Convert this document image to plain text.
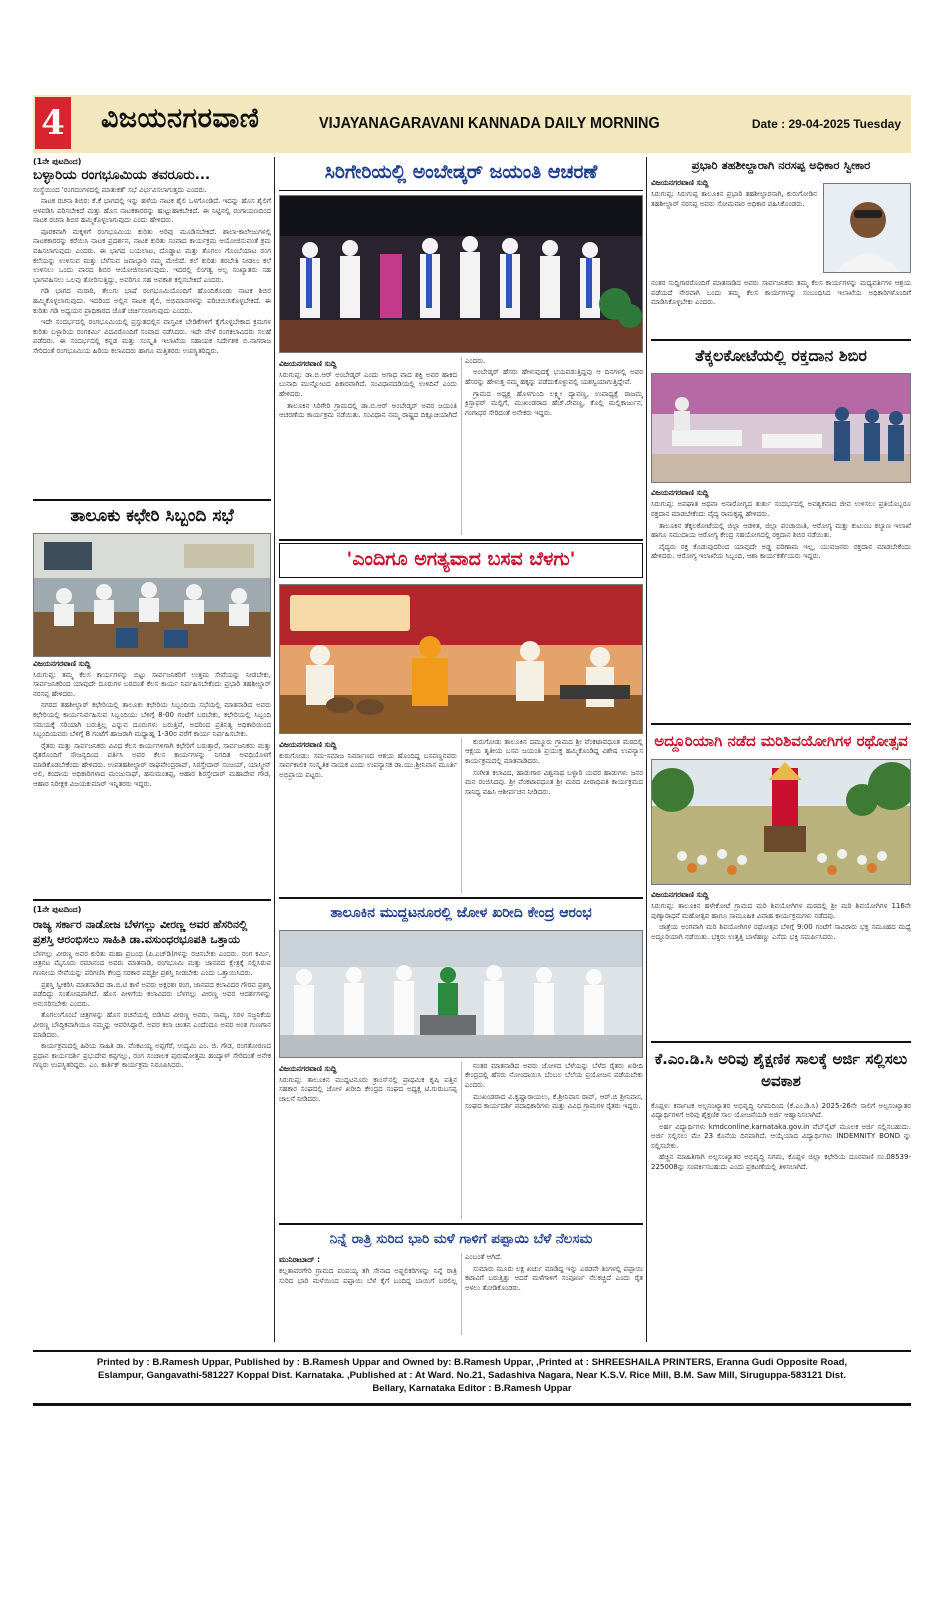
4 ವಿಜಯನಗರವಾಣಿ	VIJAYANAGARAVANI KANNADA DAILY MORNING	Date : 29-04-2025 Tuesday
(1ನೇ ಪುಟದಿಂದ)
ಬಳ್ಳಾರಿಯ ರಂಗಭೂಮಿಯ ತವರೂರು...

ಸಂಸ್ಥೆಯಿಂದ 'ರಂಗದಂಗಳದಲ್ಲಿ ಮಾತುಕತೆ' ಸಭೆ ವಿರ್ಭವಿಸಲಾಗುತ್ತದು ಎಂದರು.

ನಾಟಕ ರಚನಾ ಶಿಬಿರ: ಕೆ.ಕೆ ಭಾಗದಲ್ಲಿ ಇನ್ನು ಹಳೆಯ ನಾಟಕ ಶೈಲಿ ಒಳಗೊಂಡಿದೆ. ಇದನ್ನು ಹೊಸ ಶೈಲಿಗೆ ಅಳವಡಿಸಿ ಪರಿಸಬೇಕಿದೆ ಮತ್ತು ಹೊಸ ನಾಟಕಕಾರರನ್ನು ಹುಟ್ಟುಹಾಕಬೇಕಿದೆ. ಈ ನಿಟ್ಟಿನಲ್ಲಿ ರಂಗಾಯಣದಿಂದ ನಾಟಕ ರಚನಾ ಶಿಬಿರ ಹಮ್ಮಿಕೊಳ್ಳಲಾಗುವುದು ಎಂದು ಹೇಳಿದರು.

ಪೂರಕವಾಗಿ ಮಕ್ಕಳಿಗೆ ರಂಗಭೂಮಿಯ ಕುರಿತು ಅರಿವು ಮೂಡಿಸಬೇಕಿದೆ. ಶಾಲಾ-ಕಾಲೇಜುಗಳಲ್ಲಿ ನಾಟಕಕಾರರನ್ನು ಕರೆಯಿಸಿ ನಾಟಕ ಪ್ರದರ್ಶನ, ನಾಟಕ ಕುರಿತು ಸಂವಾದ ಕಾರ್ಯಕ್ರಮ ಆಯೋಜಿಸುವಂತೆ ಕ್ರಮ ವಹಿಸಲಾಗುವುದು ಎಂದರು. ಈ ಭಾಗದ ಬಯಲಾಟ, ದೊಡ್ಡಾಟ ಮತ್ತು ತೊಗಲು ಗೊಂಬೆಯಾಟ ರಂಗ ಕಲೆಯನ್ನು ಉಳಿಸುವ ಮತ್ತು ಬೆಳೆಸುವ ಜವಾಬ್ದಾರಿ ನಮ್ಮ ಮೇಲಿದೆ. ಕಲೆ ಕುರಿತು ತರಬೇತಿ ನೀಡಲು ಕಲೆ ಉಳಿಸಲು ಒಂದು ವಾರದ ಶಿಬಿರ ಆಯೋಜಿಸಲಾಗುವುದು. ಇದರಲ್ಲಿ ಲಿಂಗತ್ವ ಅಲ್ಪ ಸಂಖ್ಯಾತರು ಸಹ ಭಾಗವಹಿಸಲು ಒಲವು ತೋರಿಸುತ್ತಿದ್ದು, ಅವರಿಗೂ ಸಹ ಅವಕಾಶ ಕಲ್ಪಿಸಬೇಕಿದೆ ಎಂದರು.

ಗಡಿ ಭಾಗದ ಮರಾಠಿ, ತೆಲುಗು ಭಾಷೆ ರಂಗಭೂಮಿಯೊಂದಿಗೆ ಹೊಂದಿಕೊಂಡು ನಾಟಕ ಶಿಬಿರ ಹಮ್ಮಿಕೊಳ್ಳಲಾಗುವುದು. ಇದರಿಂದ ಅಲ್ಲಿನ ನಾಟಕ ಶೈಲಿ, ಅಭಿಮಾನಗಳನ್ನು ಪರಿಚಯಿಸಿಕೊಳ್ಳಬೇಕಿದೆ. ಈ ಕುರಿತು ಗಡಿ ಅಧ್ಯಯನ ಪ್ರಾಧಿಕಾರದ ಜೊತೆ ಚರ್ಚಿಸಲಾಗುವುದು ಎಂದರು.

ಇದೇ ಸಂದರ್ಭದಲ್ಲಿ ರಂಗಭೂಮಿಯಲ್ಲಿ ಪ್ರಸ್ತುತದಲ್ಲಿನ ವಾಸ್ತವಿಕ ಬೇಡಿಕೆಗಳಿಗೆ ಕೈಗೊಳ್ಳಬೇಕಾದ ಕ್ರಮಗಳ ಕುರಿತು ಬಳ್ಳಾರಿಯ ರಂಗಕರ್ಮಿ ವಿದವಿರೊಂದಿಗೆ ಸಂವಾದ ನಡೆಸಿದರು. ಇದೇ ವೇಳೆ ರಂಗಕಲಾವಿದರು ಸಲಹೆ ಪಡೆದರು. ಈ ಸಂದರ್ಭದಲ್ಲಿ ಕನ್ನಡ ಮತ್ತು ಸಂಸ್ಕೃತಿ ಇಲಾಖೆಯ ಸಹಾಯಕ ನಿರ್ದೇಶಕ ಬಿ.ನಾಗರಾಜ ಸೇರಿದಂತೆ ರಂಗಭೂಮಿಯ ಹಿರಿಯ ಕಲಾವಿದರು ಹಾಗೂ ಮತ್ತಿತರರು ಉಪಸ್ಥಿತರಿದ್ದರು.

ತಾಲೂಕು ಕಛೇರಿ ಸಿಬ್ಬಂದಿ ಸಭೆ
ವಿಜಯನಗರವಾಣಿ ಸುದ್ದಿ

ಸಿರುಗುಪ್ಪ: ತಮ್ಮ ಕೆಲಸ ಕಾರ್ಯಗಳನ್ನು ಬಿಟ್ಟು ಸಾರ್ವಜನಿಕರಿಗೆ ಉತ್ತಮ ಸೇವೆಯನ್ನು ನೀಡಬೇಕು, ಸಾರ್ವಜನಿಕರಿಂದ ಯಾವುದೇ ದೂರುಗಳ ಬರದಂತೆ ಕೆಲಸ ಕಾರ್ಯ ನಿರ್ವಹಿಸಬೇಕೆಂದು ಪ್ರಭಾರಿ ತಹಶೀಲ್ದಾರ್ ನರಸಪ್ಪ ಹೇಳಿದರು.

ನಗರದ ತಹಶೀಲ್ದಾರ್ ಕಛೇರಿಯಲ್ಲಿ ತಾಲೂಕು ಕಛೇರಿಯ ಸಿಬ್ಬಂದಿಯ ಸಭೆಯಲ್ಲಿ ಮಾತನಾಡಿದ ಅವರು ಕಛೇರಿಯಲ್ಲಿ ಕಾರ್ಯನಿರ್ವಹಿಸುವ ಸಿಬ್ಬಂದಿಯು ಬೆಳಿಗ್ಗೆ 8-00 ಗಂಟೆಗೆ ಬರಬೇಕು, ಕಛೇರಿಯಲ್ಲಿ ಸಿಬ್ಬಂದಿ ಸಮಯಕ್ಕೆ ಸರಿಯಾಗಿ ಬರುತ್ತಿಲ್ಲ ಎನ್ನುವ ದೂರುಗಳು ಬರುತ್ತಿವೆ, ಅದರಿಂದ ಪ್ರತಿನಿತ್ಯ ಅಧಿಕಾರಿಯಿಂದ ಸಿಬ್ಬಂದಿಯವರು ಬೆಳಿಗ್ಗೆ 8 ಗಂಟೆಗೆ ಹಾಜರಾಗಿ ಮಧ್ಯಾಹ್ನ 1-30ರ ವರೆಗೆ ಕಾರ್ಯ ನಿರ್ವಹಿಸಬೇಕು.

ರೈತರು ಮತ್ತು ಸಾರ್ವಜನಿಕರು ವಿವಿಧ ಕೆಲಸ ಕಾರ್ಯಗಳಿಗಾಗಿ ಕಛೇರಿಗೆ ಬರುತ್ತಾರೆ, ಸಾರ್ವಜನಿಕರು ಮತ್ತು ರೈತರೊಂದಿಗೆ ಸೌಜನ್ಯದಿಂದ ವರ್ತಿಸಿ ಅವರ ಕೆಲಸ ಕಾರ್ಯಗಳನ್ನು ನಿಗದಿತ ಅವಧಿಯೊಳಗೆ ಮಾಡಿಕೊಡಬೇಕೆಂದು ಹೇಳಿದರು. ಉಪತಹಶೀಲ್ದಾರ್ ರಾಘವೇಂದ್ರರಾವ್, ಸಿರಸ್ತೇದಾರ್ ಸಂಜಯ್, ಯಾಸ್ಮೀನ್ ಅಲಿ, ಕಂದಾಯ ಅಧಿಕಾರಿಗಳಾದ ಮಂಜುನಾಥ್, ಹನುಮಂತಪ್ಪ, ಆಹಾರ ಶಿರಸ್ತೇದಾರ್ ಮಹಾದೇವ ಗೌಡ, ಆಹಾರ ನಿರೀಕ್ಷಕ ವಿಜಯಕುಮಾರ್ ಇನ್ನಿತರರು ಇದ್ದರು.

(1ನೇ ಪುಟದಿಂದ)
ರಾಜ್ಯ ಸರ್ಕಾರ ನಾಡೋಜ ಬೆಳಗಲ್ಲು ವೀರಣ್ಣ ಅವರ ಹೆಸರಿನಲ್ಲಿ ಪ್ರಶಸ್ತಿ ಆರಂಭಿಸಲು ಸಾಹಿತಿ ಡಾ.ವಸುಂಧರಭೂಪತಿ ಒತ್ತಾಯ

ಬೆಳಗಲ್ಲು ವೀರಣ್ಣ ಅವರ ಕುರಿತು ಮಹಾ ಪ್ರಬಂಧ (ಪಿ.ಎಚ್‌ಡಿ)ಗಳನ್ನು ರಚಿಸಬೇಕು ಎಂದರು. ರಂಗ ಕರ್ಮಿ, ಚಿತ್ರನಟ ಮೈಸೂರು ರಮಾನಂದ ಅವರು ಮಾತನಾಡಿ, ರಂಗಭೂಮಿ ಮತ್ತು ಜಾನಪದ ಕ್ಷೇತ್ರಕ್ಕೆ ಸಲ್ಲಿಸಿರುವ ಗಣನೀಯ ಸೇವೆಯನ್ನು ಪರಿಗಣಿಸಿ ಕೇಂದ್ರ ಸರಕಾರ ಪದ್ಮಶ್ರೀ ಪ್ರಶಸ್ತಿ ನೀಡಬೇಕು ಎಂದು ಒತ್ತಾಯಿಸಿದರು.

ಪ್ರಶಸ್ತಿ ಸ್ವೀಕರಿಸಿ ಮಾತನಾಡಿದ ಡಾ.ಬಿ.ಟಿ ಕಾಳೆ ಅವರು ಅಕ್ಷರಶಃ ರಂಗ, ಜಾನಪದ ಕಲಾವಿದರ ಗೌರವ ಪ್ರಶಸ್ತಿ ಪಡೆದಿದ್ದು ಸಂತೋಷವಾಗಿದೆ. ಹೊಸ ಪೀಳಿಗೆಯ ಕಲಾವಿದರು ಬೆಳಗಲ್ಲು ವೀರಣ್ಣ ಅವರ ಆದರ್ಶಗಳನ್ನು ಅನುಸರಿಸಬೇಕು ಎಂದರು.

ತೊಗಲುಗೊಂಬೆ ಚಿತ್ರಗಳನ್ನು ಹೊಸ ರಚನೆಯಲ್ಲಿ ಬಿಡಿಸಿದ ವೀರಣ್ಣ ಅವರು, ಸಾಮ್ಯ, ಸರಳ ಸಜ್ಜನಿಕೆಯ ವೀರಣ್ಣ ಬೌದ್ಧಿಕವಾಗಿಯೂ ನಮ್ಮನ್ನು ಆವರಿಸಿದ್ದಾರೆ. ಅವರ ಕಲಾ ಚಿಂತನ ಎಂದೆಂದೂ ಅವರ ಅಂತ ಗುಣಗಾನ ಮಾಡಿದರು.

ಕಾರ್ಯಕ್ರಮದಲ್ಲಿ ಹಿರಿಯ ಸಾಹಿತಿ ಡಾ. ವೆಂಕಟಯ್ಯ ಅಪ್ಪಗೆರೆ, ಉದ್ಯಮಿ ಎಂ. ಜಿ. ಗೌಡ, ರಂಗತೋರಣದ ಪ್ರಧಾನ ಕಾರ್ಯದರ್ಶಿ ಪ್ರಭುದೇವ ಕಪ್ಪಗಲ್ಲು, ರಂಗ ಸಂಚಾಲಕ ಪುರುಷೋತ್ತಮ ಹಂದ್ಯಾಳ್ ಸೇರಿದಂತೆ ಅನೇಕ ಗಣ್ಯರು ಉಪಸ್ಥಿತರಿದ್ದರು. ಎಂ. ಕಾರ್ತಿಕ್ ಕಾರ್ಯಕ್ರಮ ನಿರೂಪಿಸಿದರು.

ಸಿರಿಗೇರಿಯಲ್ಲಿ ಅಂಬೇಡ್ಕರ್ ಜಯಂತಿ ಆಚರಣೆ
ವಿಜಯನಗರವಾಣಿ ಸುದ್ದಿ

ಸಿರುಗುಪ್ಪ: ಡಾ.ಬಿ.ಆರ್ ಅಂಬೇಡ್ಕರ್ ಎಂದು ಅಗಾಧ ವಾದ ಶಕ್ತಿ ಅವರ ಹಾಕಿದ ಬುನಾದಿ ಮುನ್ನೋಟದ ಪಿಕಾರವಾಗಿದೆ. ಸಂವಿಧಾನದಡಿಯಲ್ಲಿ ಉಳಿದಿವೆ ಎಂದು ಹೇಳಿದರು.

ತಾಲೂಕಿನ ಸಿರಿಗೇರಿ ಗ್ರಾಮದಲ್ಲಿ ಡಾ.ಬಿ.ಆರ್ ಅಂಬೇಡ್ಕರ್ ಅವರ ಜಯಂತಿ ಆಚರಣೆಯ ಕಾರ್ಯಕ್ರಮ ನಡೆಯಿತು. ಸಂವಿಧಾನ ನಮ್ಮ ರಾಷ್ಟ್ರದ ದಿಕ್ಸೂಚಿಯಾಗಿದೆ ಎಂದರು.

ಅಂಬೇಡ್ಕರ್ ಹೆಸರು ಹೇಳುವುದಕ್ಕೆ ಭಯಪಡುತ್ತಿದ್ದವು ಆ ದಿನಗಳಲ್ಲಿ ಅವರ ಹೆಸರನ್ನು ಹೇಳುತ್ತ ನಮ್ಮ ಹಕ್ಕನ್ನು ಪಡೆದುಕೊಳ್ಳುವಲ್ಲಿ ಯಶಸ್ವಿಯಾಗುತ್ತಿದ್ದೇವೆ.

ಗ್ರಾಮದ ಅಧ್ಯಕ್ಷ ಹೊಳಗುಂದಿ ಲಕ್ಷ್ಮೀ ದ್ಯಾವಣ್ಣ, ಉಪಾಧ್ಯಕ್ಷೆ ರಾಜಮ್ಮ ಕ್ರಿಸ್ತಾಫರ್ ಮಲ್ಲಿಗೆ, ಮುಖಂಡರಾದ ಹೆಚ್.ರೇವಣ್ಣ, ಕೊಲ್ಲಿ ಮಲ್ಲಿಕಾರ್ಜುನ, ಗಂಗಾಧರ ಸೇರಿದಂತೆ ಅನೇಕರು ಇದ್ದರು.

'ಎಂದಿಗೂ ಅಗತ್ಯವಾದ ಬಸವ ಬೆಳಗು'
ವಿಜಯನಗರವಾಣಿ ಸುದ್ದಿ

ಕುರುಗೋಡು: ಸಮ-ಸಮಾಜ ನಿರ್ಮಾಣದ ಆಶಯ ಹೊಂದಿದ್ದ ಬಸವಣ್ಣನವರು ಸಾರ್ವಕಾಲಿಕ ಸಂಸ್ಕೃತಿಕ ನಾಯಕ ಎಂದು ಉಪನ್ಯಾಸಕ ಡಾ.ಯು.ಶ್ರೀನಿವಾಸ ಮೂರ್ತಿ ಅಭಿಪ್ರಾಯ ಪಟ್ಟರು.

ಕುರುಗೋಡು ತಾಲೂಕಿನ ದಮ್ಮೂರು ಗ್ರಾಮದ ಶ್ರೀ ವೆಂಕಟಾವಧೂತ ಮಠದಲ್ಲಿ ಆಕ್ಷಯ ತೃತೀಯ ಬಸವ ಜಯಂತಿ ಪ್ರಯುಕ್ತ ಹಮ್ಮಿಕೊಂಡಿದ್ದ ವಿಶೇಷ ಉಪನ್ಯಾಸ ಕಾರ್ಯಕ್ರಮದಲ್ಲಿ ಮಾತನಾಡಿದರು.

ಸಂಗೀತ ಕಲಾವಿದ, ಹಾಡುಗಾರ ವಿಶ್ವನಾಥ ಬಳ್ಳಾರಿ ಯವರ ಹಾಡುಗಳು ಜನರ ಮನ ರಂಜಿಸಿದವು. ಶ್ರೀ ವೆಂಕಟಾವಧೂತ ಶ್ರೀ ಮಠದ ಪೀಠಾಧಿಪತಿ ಕಾರ್ಯಕ್ರಮದ ಸಾನಿಧ್ಯ ವಹಿಸಿ ಆಶೀರ್ವಚನ ನೀಡಿದರು.

ತಾಲೂಕಿನ ಮುದ್ದಟನೂರಲ್ಲಿ ಜೋಳ ಖರೀದಿ ಕೇಂದ್ರ ಆರಂಭ
ವಿಜಯನಗರವಾಣಿ ಸುದ್ದಿ

ಸಿರುಗುಪ್ಪ: ತಾಲೂಕಿನ ಮುದ್ದಟನೂರು ಕ್ರಾಂಸ್‌ನಲ್ಲಿ ಪ್ರಾಥಮಿಕ ಕೃಷಿ ಪತ್ತಿನ ಸಹಕಾರ ಸಂಘದಲ್ಲಿ ಜೋಳ ಖರೀದಿ ಕೇಂದ್ರದ ಸಂಘದ ಅಧ್ಯಕ್ಷ ಟಿ.ಗುರುಬಸಪ್ಪ ಚಾಲನೆ ನೀಡಿದರು.

ನಂತರ ಮಾತನಾಡಿದ ಅವರು ಜೋಳದ ಬೆಳೆಯನ್ನು ಬೆಳೆದ ರೈತರು ಖರೀದಿ ಕೇಂದ್ರದಲ್ಲಿ ಹೆಸರು ನೋಂದಾಯಿಸಿ ಬೆಂಬಲ ಬೆಲೆಯ ಪ್ರಯೋಜನ ಪಡೆಯಬೇಕು ಎಂದರು.

ಮುಖಂಡರಾದ ವಿ.ಕೃಷ್ಣಾರಾಯಲು, ಕೆ.ಶ್ರೀನಿವಾಸ ರಾವ್, ಆರ್.ಬಿ ಶ್ರೀನಿವಾಸ, ಸಂಘದ ಕಾರ್ಯದರ್ಶಿ ಪದಾಧಿಕಾರಿಗಳು ಮತ್ತು ವಿವಿಧ ಗ್ರಾಮಗಳ ರೈತರು ಇದ್ದರು.

ನಿನ್ನೆ ರಾತ್ರಿ ಸುರಿದ ಭಾರಿ ಮಳೆ ಗಾಳಿಗೆ ಪಪ್ಪಾಯಿ ಬೆಳೆ ನೆಲಸಮ
ಮುನಿರಾಬಾದ್ :

ಕಲ್ಲತಾವರಗೇರಿ ಗ್ರಾಮದ ಪಂಪಯ್ಯ ತಗಿ ಸೇನಾದ ಅಫ್ಜಲಿಕರಿಗಳನ್ನು ನಿನ್ನೆ ರಾತ್ರಿ ಸುರಿದ ಭಾರಿ ಮಳೆಯಿಂದ ಪಪ್ಪಾಯಿ ಬೆಳೆ ಕೈಗೆ ಬಂದಿದ್ದ ಬಾಯಿಗೆ ಬರಲಿಲ್ಲ ಎಂಬಂತೆ ಆಗಿದೆ.

ಸುಮಾರು ಮೂರು ಲಕ್ಷ ಖರ್ಚು ಮಾಡಿದ್ದ ಇನ್ನು ಎರಡನೇ ತಿಂಗಳಲ್ಲಿ ಪಪ್ಪಾಯಿ ಕಟಾವಿಗೆ ಬರುತ್ತಿತ್ತು ಆದರೆ ಮಳೆಗಾಳಿಗೆ ಸಂಪೂರ್ಣ ನೆಲಕಚ್ಚಿದೆ ಎಂದು ರೈತ ಅಳಲು ತೋಡಿಕೊಂಡರು.

ಪ್ರಭಾರಿ ತಹಶೀಲ್ದಾರಾಗಿ ನರಸಪ್ಪ ಅಧಿಕಾರ ಸ್ವೀಕಾರ
ವಿಜಯನಗರವಾಣಿ ಸುದ್ದಿ

ಸಿರುಗುಪ್ಪ: ಸಿರುಗುಪ್ಪ ತಾಲೂಕಿನ ಪ್ರಭಾರಿ ತಹಶೀಲ್ದಾರನಾಗಿ, ಕುರುಗೋಡಿನ ತಹಶೀಲ್ದಾರ್ ನರಸಪ್ಪ ಅವರು ಸೋಮವಾರ ಅಧಿಕಾರ ವಹಿಸಿಕೊಂಡರು.

ನಂತರ ಸುದ್ದಿಗಾರರೊಂದಿಗೆ ಮಾತನಾಡಿದ ಅವರು ಸಾರ್ವಜನಿಕರು ತಮ್ಮ ಕೆಲಸ ಕಾರ್ಯಗಳನ್ನು ಮಧ್ಯವರ್ತಿಗಳ ಆಶ್ರಯ ಪಡೆಯದೆ ನೇರವಾಗಿ ಬಂದು ತಮ್ಮ ಕೆಲಸ ಕಾರ್ಯಗಳನ್ನು ಸಂಬಂಧಿಸಿದ ಇಲಾಖೆಯ ಅಧಿಕಾರಿಗಳೊಂದಿಗೆ ಮಾಡಿಸಿಕೊಳ್ಳಬೇಕು ಎಂದರು.

ತೆಕ್ಕಲಕೋಟೆಯಲ್ಲಿ ರಕ್ತದಾನ ಶಿಬಿರ
ವಿಜಯನಗರವಾಣಿ ಸುದ್ದಿ

ಸಿರುಗುಪ್ಪ: ಅಪಘಾತ ಅಥವಾ ಅನಾರೋಗ್ಯದ ತುರ್ತು ಸಂದರ್ಭದಲ್ಲಿ ಅವಶ್ಯಕವಾದ ಜೀವ ಉಳಿಸಲು ಪ್ರತಿಯೊಬ್ಬರೂ ರಕ್ತದಾನ ಮಾಡಬೇಕೆಂದು ವೈದ್ಯ ರಾಮಕೃಷ್ಣ ಹೇಳಿದರು.

ತಾಲೂಕಿನ ತೆಕ್ಕಲಕೋಟೆಯಲ್ಲಿ ಜಿಲ್ಲಾ ಆಡಳಿತ, ಜಿಲ್ಲಾ ಪಂಚಾಯಿತಿ, ಆರೋಗ್ಯ ಮತ್ತು ಕುಟುಂಬ ಕಲ್ಯಾಣ ಇಲಾಖೆ ಹಾಗೂ ಸಮುದಾಯ ಆರೋಗ್ಯ ಕೇಂದ್ರ ಸಹಯೋಗದಲ್ಲಿ ರಕ್ತದಾನ ಶಿಬಿರ ನಡೆಯಿತು.

ವೈದ್ಯರು ರಕ್ತ ಕೊಡುವುದರಿಂದ ಯಾವುದೇ ಅಡ್ಡ ಪರಿಣಾಮ ಇಲ್ಲ, ಯುವಜನರು ರಕ್ತದಾನ ಮಾಡಬೇಕೆಂದು ಹೇಳಿದರು. ಆರೋಗ್ಯ ಇಲಾಖೆಯ ಸಿಬ್ಬಂದಿ, ಆಶಾ ಕಾರ್ಯಕರ್ತೆಯರು ಇದ್ದರು.

ಅದ್ದೂರಿಯಾಗಿ ನಡೆದ ಮರಿಶಿವಯೋಗಿಗಳ ರಥೋತ್ಸವ
ವಿಜಯನಗರವಾಣಿ ಸುದ್ದಿ

ಸಿರುಗುಪ್ಪ: ತಾಲೂಕಿನ ಹಳೇಕೋಟೆ ಗ್ರಾಮದ ಮರಿ ಶಿವಯೋಗಿಗಳ ಮಠದಲ್ಲಿ ಶ್ರೀ ಮರಿ ಶಿವಯೋಗಿಗಳ 116ನೇ ಪುಣ್ಯಾರಾಧನೆ ಮಹೋತ್ಸವ ಹಾಗೂ ಸಾಮೂಹಿಕ ವಿವಾಹ ಕಾರ್ಯಕ್ರಮಗಳು ನಡೆದವು.

ಜಾತ್ರೆಯ ಅಂಗವಾಗಿ ಮರಿ ಶಿವಯೋಗಿಗಳ ರಥೋತ್ಸವ ಬೆಳಿಗ್ಗೆ 9:00 ಗಂಟೆಗೆ ಸಾವಿರಾರು ಭಕ್ತ ಸಮೂಹದ ಮಧ್ಯೆ ಅದ್ದೂರಿಯಾಗಿ ನಡೆಯಿತು. ಭಕ್ತರು ಉತ್ತತ್ತಿ ಬಾಳೆಹಣ್ಣು ಎಸೆದು ಭಕ್ತಿ ಸಮರ್ಪಿಸಿದರು.

ಕೆ.ಎಂ.ಡಿ.ಸಿ ಅರಿವು ಶೈಕ್ಷಣಿಕ ಸಾಲಕ್ಕೆ ಅರ್ಜಿ ಸಲ್ಲಿಸಲು ಅವಕಾಶ

ಕೊಪ್ಪಳ: ಕರ್ನಾಟಕ ಅಲ್ಪಸಂಖ್ಯಾತರ ಅಭಿವೃದ್ಧಿ ನಿಗಮದಿಂದ (ಕೆ.ಎಂ.ಡಿ.ಸಿ) 2025-26ನೇ ಸಾಲಿಗೆ ಅಲ್ಪಸಂಖ್ಯಾತರ ವಿದ್ಯಾರ್ಥಿಗಳಿಗೆ ಅರಿವು ಶೈಕ್ಷಣಿಕ ಸಾಲ ಯೋಜನೆಯಡಿ ಅರ್ಜಿ ಆಹ್ವಾನಿಸಲಾಗಿದೆ.

ಅರ್ಹ ವಿದ್ಯಾರ್ಥಿಗಳು kmdconline.karnataka.gov.in ವೆಬ್‌ಸೈಟ್ ಮೂಲಕ ಅರ್ಜಿ ಸಲ್ಲಿಸಬಹುದು. ಅರ್ಜಿ ಸಲ್ಲಿಸಲು ಮೇ 23 ಕೊನೆಯ ದಿನವಾಗಿದೆ. ಆಯ್ಕೆಯಾದ ವಿದ್ಯಾರ್ಥಿಗಳು INDEMNITY BOND ನ್ನು ಸಲ್ಲಿಸಬೇಕು.

ಹೆಚ್ಚಿನ ಮಾಹಿತಿಗಾಗಿ ಅಲ್ಪಸಂಖ್ಯಾತರ ಅಭಿವೃದ್ಧಿ ನಿಗಮ, ಕೊಪ್ಪಳ ಜಿಲ್ಲಾ ಕಛೇರಿಯ ದೂರವಾಣಿ ಸಂ.08539-225008ನ್ನು ಸಂಪರ್ಕಿಸಬಹುದು ಎಂದು ಪ್ರಕಟಣೆಯಲ್ಲಿ ತಿಳಿಸಲಾಗಿದೆ.

Printed by : B.Ramesh Uppar, Published by : B.Ramesh Uppar and Owned by: B.Ramesh Uppar, ,Printed at : SHREESHAILA PRINTERS, Eranna Gudi Opposite Road,

Eslampur, Gangavathi-581227 Koppal Dist. Karnataka. ,Published at : At Ward. No.21, Sadashiva Nagara, Near K.S.V. Rice Mill, B.M. Saw Mill, Siruguppa-583121 Dist.

Bellary, Karnataka Editor : B.Ramesh Uppar
